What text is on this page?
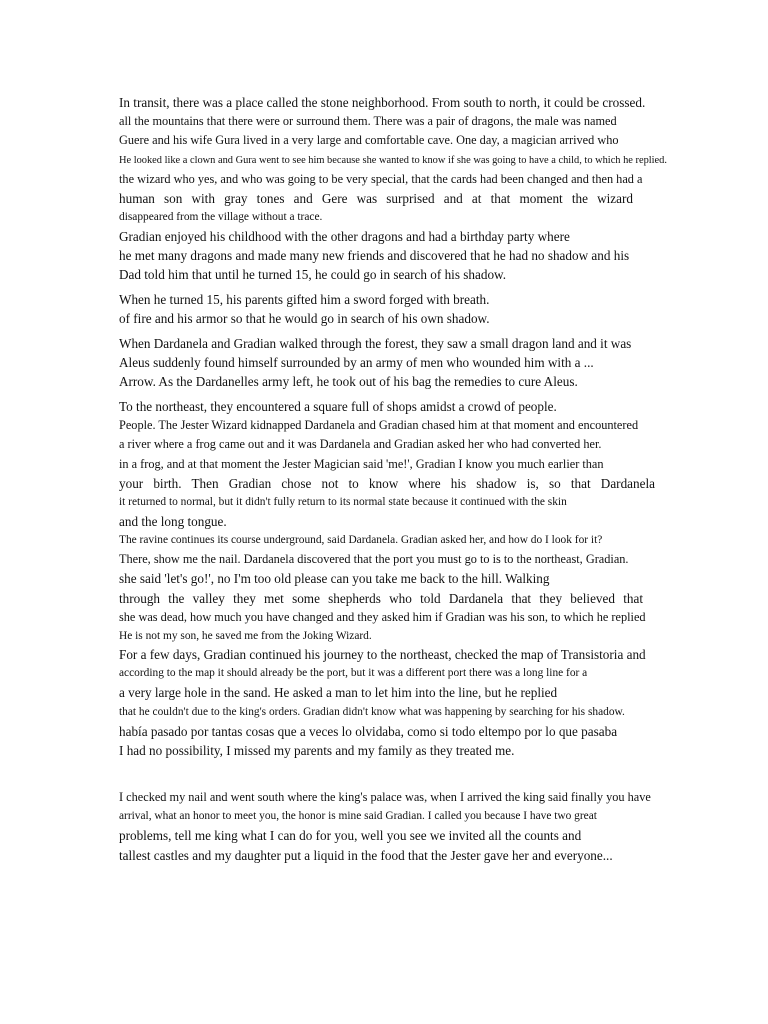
In transit, there was a place called the stone neighborhood. From south to north, it could be crossed.
all the mountains that there were or surround them. There was a pair of dragons, the male was named
Guere and his wife Gura lived in a very large and comfortable cave. One day, a magician arrived who
He looked like a clown and Gura went to see him because she wanted to know if she was going to have a child, to which he replied.
the wizard who yes, and who was going to be very special, that the cards had been changed and then had a
human son with gray tones and Gere was surprised and at that moment the wizard
disappeared from the village without a trace.
Gradian enjoyed his childhood with the other dragons and had a birthday party where
he met many dragons and made many new friends and discovered that he had no shadow and his
Dad told him that until he turned 15, he could go in search of his shadow.
When he turned 15, his parents gifted him a sword forged with breath.
of fire and his armor so that he would go in search of his own shadow.
When Dardanela and Gradian walked through the forest, they saw a small dragon land and it was
Aleus suddenly found himself surrounded by an army of men who wounded him with a ...
Arrow. As the Dardanelles army left, he took out of his bag the remedies to cure Aleus.
To the northeast, they encountered a square full of shops amidst a crowd of people.
People. The Jester Wizard kidnapped Dardanela and Gradian chased him at that moment and encountered
a river where a frog came out and it was Dardanela and Gradian asked her who had converted her.
in a frog, and at that moment the Jester Magician said 'me!', Gradian I know you much earlier than
your birth. Then Gradian chose not to know where his shadow is, so that Dardanela
it returned to normal, but it didn't fully return to its normal state because it continued with the skin
and the long tongue.
The ravine continues its course underground, said Dardanela. Gradian asked her, and how do I look for it?
There, show me the nail. Dardanela discovered that the port you must go to is to the northeast, Gradian.
she said 'let's go!', no I'm too old please can you take me back to the hill. Walking
through the valley they met some shepherds who told Dardanela that they believed that
she was dead, how much you have changed and they asked him if Gradian was his son, to which he replied
He is not my son, he saved me from the Joking Wizard.
For a few days, Gradian continued his journey to the northeast, checked the map of Transistoria and
according to the map it should already be the port, but it was a different port there was a long line for a
a very large hole in the sand. He asked a man to let him into the line, but he replied
that he couldn't due to the king's orders. Gradian didn't know what was happening by searching for his shadow.
había pasado por tantas cosas que a veces lo olvidaba, como si todo eltempo por lo que pasaba
I had no possibility, I missed my parents and my family as they treated me.
I checked my nail and went south where the king's palace was, when I arrived the king said finally you have
arrival, what an honor to meet you, the honor is mine said Gradian. I called you because I have two great
problems, tell me king what I can do for you, well you see we invited all the counts and
tallest castles and my daughter put a liquid in the food that the Jester gave her and everyone...
